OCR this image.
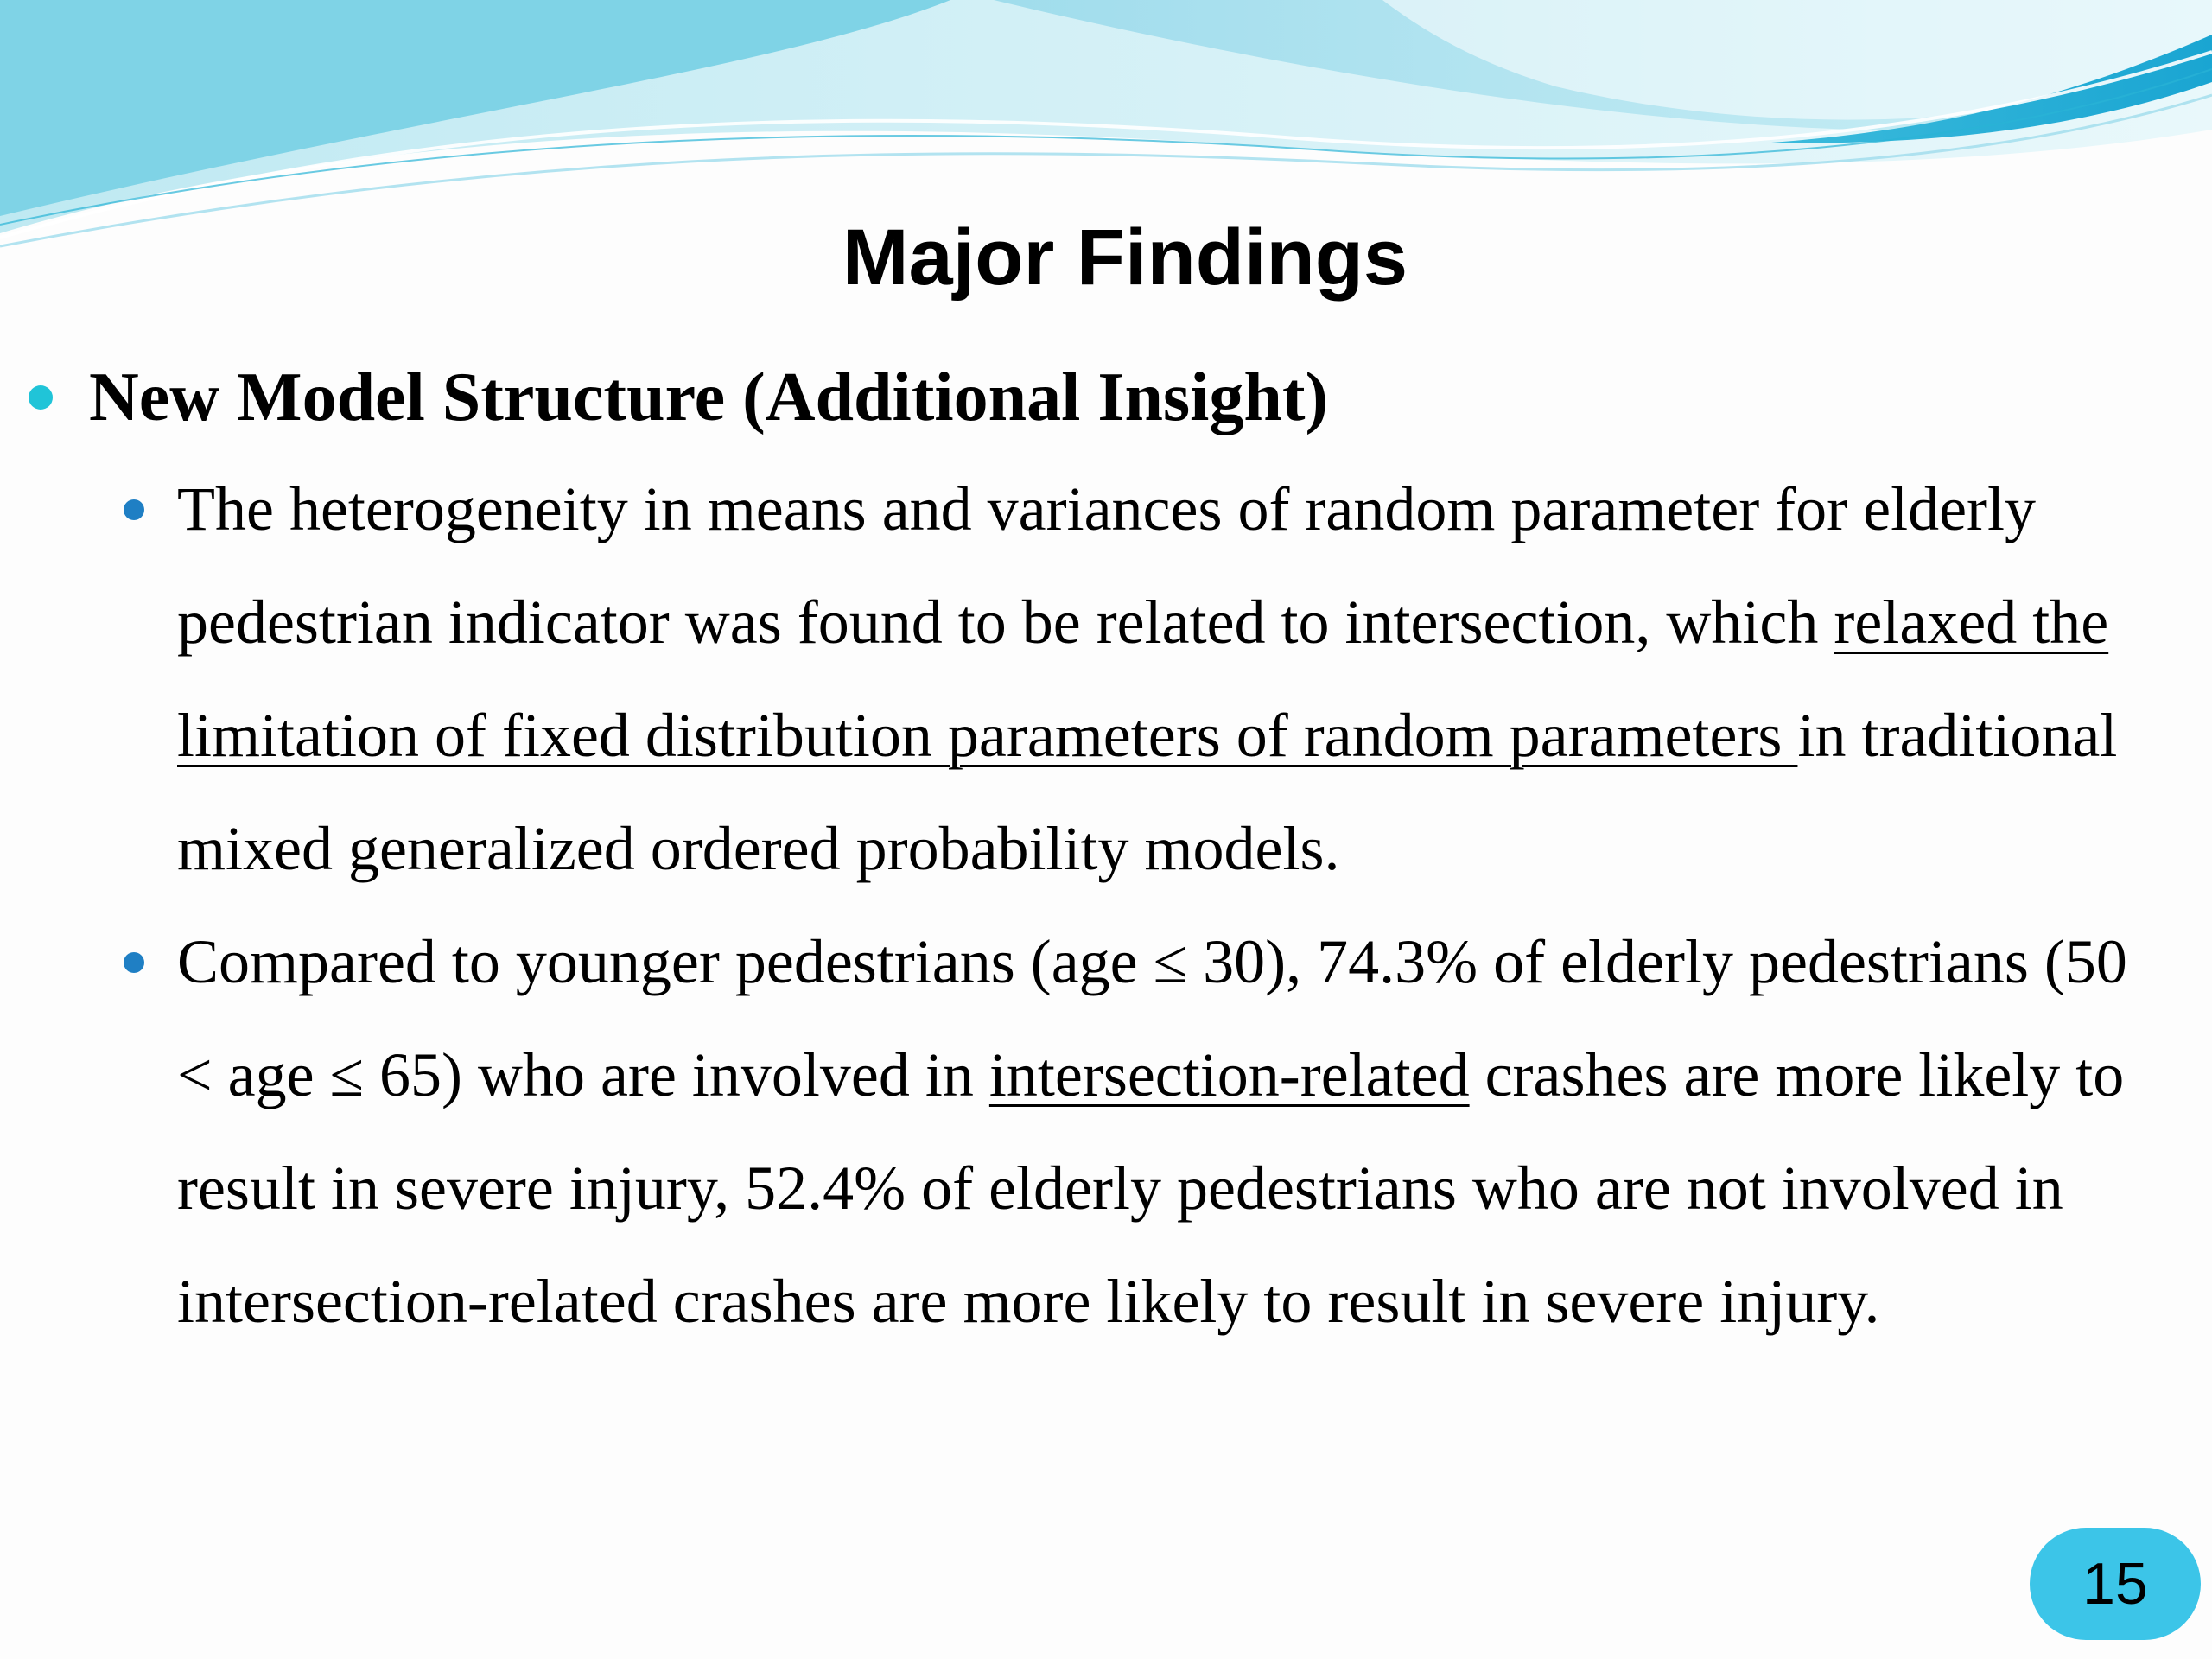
Major Findings

New Model Structure (Additional Insight)

The heterogeneity in means and variances of random parameter for elderly pedestrian indicator was found to be related to intersection, which relaxed the limitation of fixed distribution parameters of random parameters in traditional mixed generalized ordered probability models.

Compared to younger pedestrians (age ≤ 30), 74.3% of elderly pedestrians (50 < age ≤ 65) who are involved in intersection-related crashes are more likely to result in severe injury, 52.4% of elderly pedestrians who are not involved in intersection-related crashes are more likely to result in severe injury.

15
